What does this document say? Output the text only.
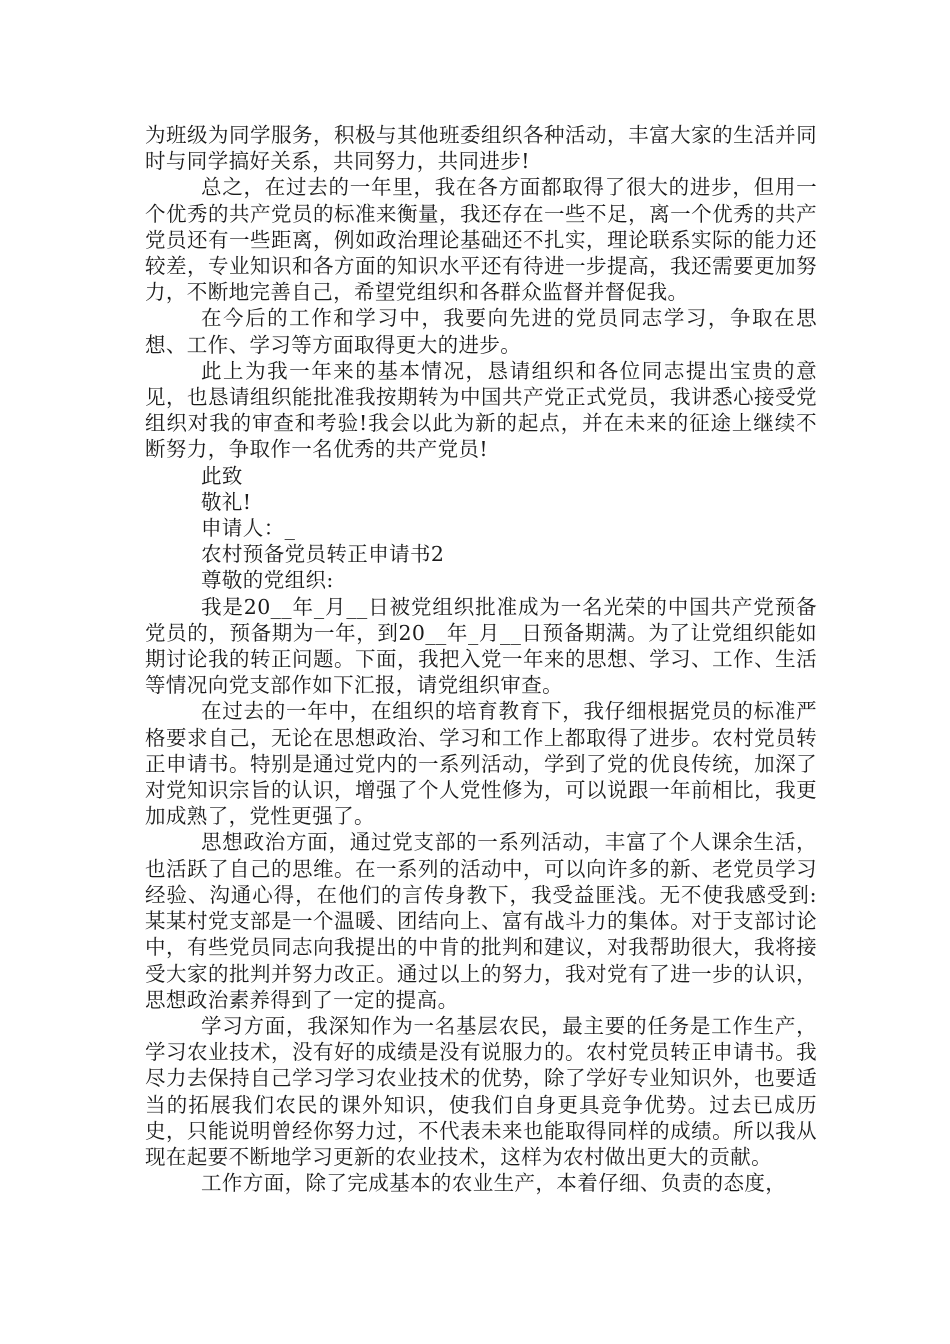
为班级为同学服务，积极与其他班委组织各种活动，丰富大家的生活并同时与同学搞好关系，共同努力，共同进步!

总之，在过去的一年里，我在各方面都取得了很大的进步，但用一个优秀的共产党员的标准来衡量，我还存在一些不足，离一个优秀的共产党员还有一些距离，例如政治理论基础还不扎实，理论联系实际的能力还较差，专业知识和各方面的知识水平还有待进一步提高，我还需要更加努力，不断地完善自己，希望党组织和各群众监督并督促我。

在今后的工作和学习中，我要向先进的党员同志学习，争取在思想、工作、学习等方面取得更大的进步。

此上为我一年来的基本情况，恳请组织和各位同志提出宝贵的意见，也恳请组织能批准我按期转为中国共产党正式党员，我讲悉心接受党组织对我的审查和考验!我会以此为新的起点，并在未来的征途上继续不断努力，争取作一名优秀的共产党员!

此致

敬礼!

申请人：_

农村预备党员转正申请书2

尊敬的党组织:

我是20__年_月__日被党组织批准成为一名光荣的中国共产党预备党员的，预备期为一年，到20__年_月__日预备期满。为了让党组织能如期讨论我的转正问题。下面，我把入党一年来的思想、学习、工作、生活等情况向党支部作如下汇报，请党组织审查。

在过去的一年中，在组织的培育教育下，我仔细根据党员的标准严格要求自己，无论在思想政治、学习和工作上都取得了进步。农村党员转正申请书。特别是通过党内的一系列活动，学到了党的优良传统，加深了对党知识宗旨的认识，增强了个人党性修为，可以说跟一年前相比，我更加成熟了，党性更强了。

思想政治方面，通过党支部的一系列活动，丰富了个人课余生活，也活跃了自己的思维。在一系列的活动中，可以向许多的新、老党员学习经验、沟通心得，在他们的言传身教下，我受益匪浅。无不使我感受到:某某村党支部是一个温暖、团结向上、富有战斗力的集体。对于支部讨论中，有些党员同志向我提出的中肯的批判和建议，对我帮助很大，我将接受大家的批判并努力改正。通过以上的努力，我对党有了进一步的认识，思想政治素养得到了一定的提高。

学习方面，我深知作为一名基层农民，最主要的任务是工作生产，学习农业技术，没有好的成绩是没有说服力的。农村党员转正申请书。我尽力去保持自己学习学习农业技术的优势，除了学好专业知识外，也要适当的拓展我们农民的课外知识，使我们自身更具竞争优势。过去已成历史，只能说明曾经你努力过，不代表未来也能取得同样的成绩。所以我从现在起要不断地学习更新的农业技术，这样为农村做出更大的贡献。

工作方面，除了完成基本的农业生产，本着仔细、负责的态度，
